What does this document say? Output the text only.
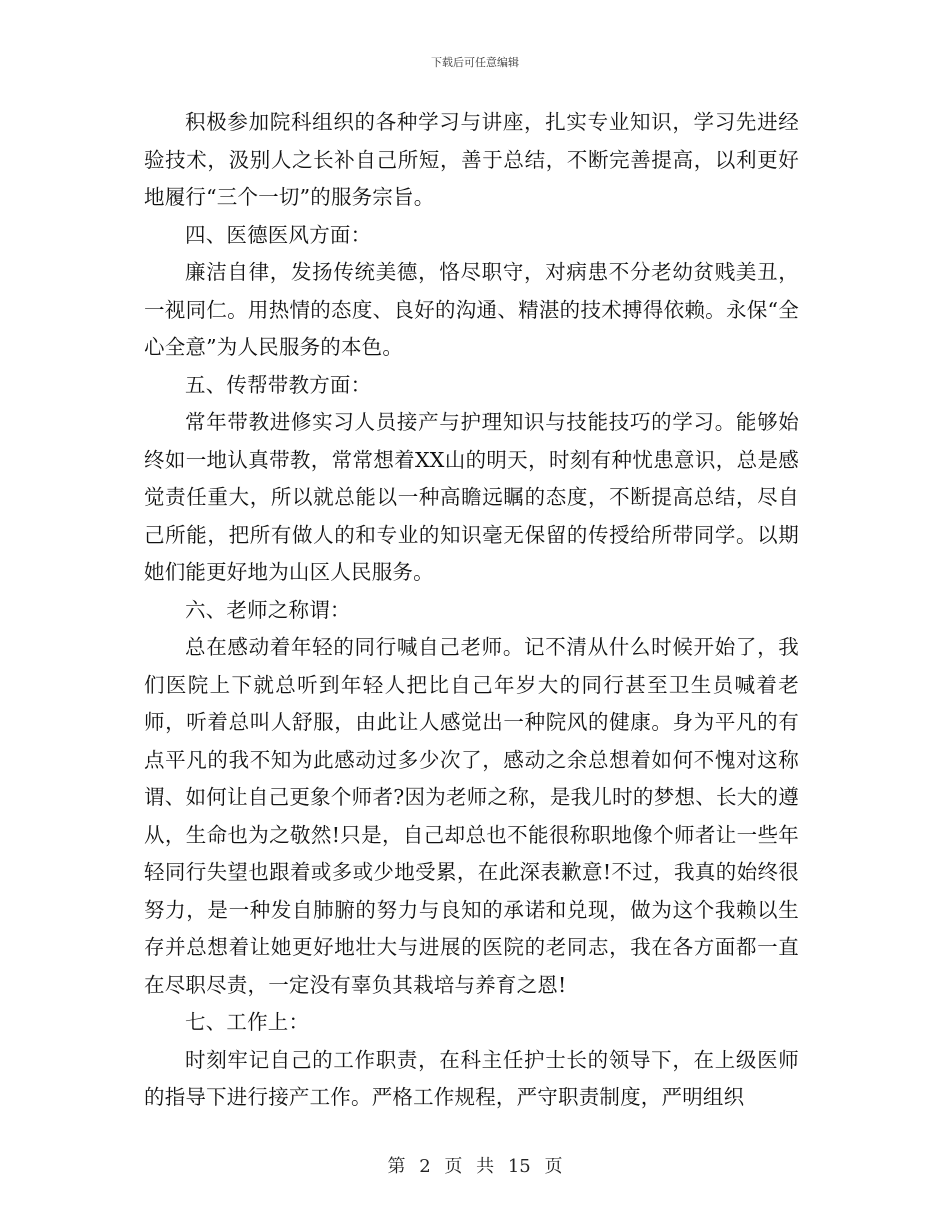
下载后可任意编辑

积极参加院科组织的各种学习与讲座，扎实专业知识，学习先进经验技术，汲别人之长补自己所短，善于总结，不断完善提高，以利更好地履行“三个一切”的服务宗旨。

四、医德医风方面：

廉洁自律，发扬传统美德，恪尽职守，对病患不分老幼贫贱美丑，一视同仁。用热情的态度、良好的沟通、精湛的技术搏得依赖。永保“全心全意”为人民服务的本色。

五、传帮带教方面：

常年带教进修实习人员接产与护理知识与技能技巧的学习。能够始终如一地认真带教，常常想着XX山的明天，时刻有种忧患意识，总是感觉责任重大，所以就总能以一种高瞻远瞩的态度，不断提高总结，尽自己所能，把所有做人的和专业的知识毫无保留的传授给所带同学。以期她们能更好地为山区人民服务。

六、老师之称谓：

总在感动着年轻的同行喊自己老师。记不清从什么时候开始了，我们医院上下就总听到年轻人把比自己年岁大的同行甚至卫生员喊着老师，听着总叫人舒服，由此让人感觉出一种院风的健康。身为平凡的有点平凡的我不知为此感动过多少次了，感动之余总想着如何不愧对这称谓、如何让自己更象个师者?因为老师之称，是我儿时的梦想、长大的遵从，生命也为之敬然!只是，自己却总也不能很称职地像个师者让一些年轻同行失望也跟着或多或少地受累，在此深表歉意!不过，我真的始终很努力，是一种发自肺腑的努力与良知的承诺和兑现，做为这个我赖以生存并总想着让她更好地壮大与进展的医院的老同志，我在各方面都一直在尽职尽责，一定没有辜负其栽培与养育之恩!

七、工作上：

时刻牢记自己的工作职责，在科主任护士长的领导下，在上级医师的指导下进行接产工作。严格工作规程，严守职责制度，严明组织

第 2 页 共 15 页
